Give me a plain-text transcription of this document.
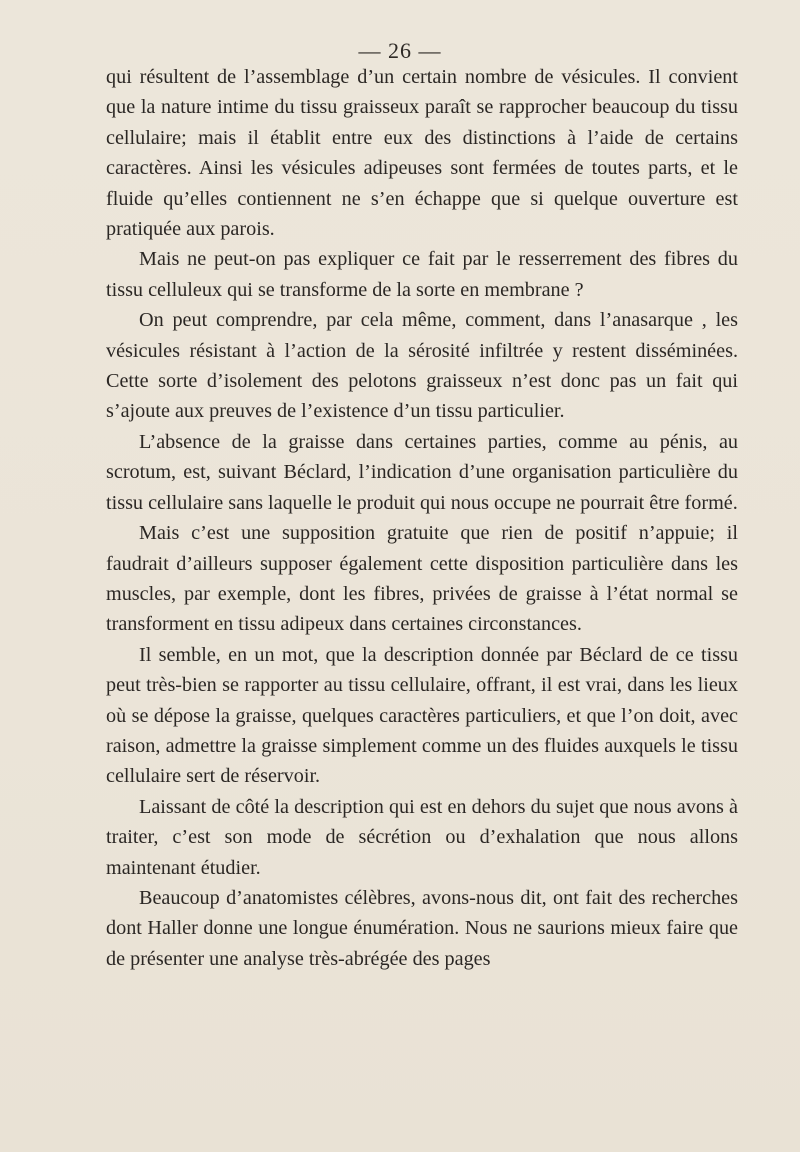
— 26 —

qui résultent de l’assemblage d’un certain nombre de vésicules. Il convient que la nature intime du tissu graisseux paraît se rapprocher beaucoup du tissu cellulaire; mais il établit entre eux des distinctions à l’aide de certains caractères. Ainsi les vésicules adipeuses sont fermées de toutes parts, et le fluide qu’elles contiennent ne s’en échappe que si quelque ouverture est pratiquée aux parois.

Mais ne peut-on pas expliquer ce fait par le resserrement des fibres du tissu celluleux qui se transforme de la sorte en membrane ?

On peut comprendre, par cela même, comment, dans l’anasarque , les vésicules résistant à l’action de la sérosité infiltrée y restent disséminées. Cette sorte d’isolement des pelotons graisseux n’est donc pas un fait qui s’ajoute aux preuves de l’existence d’un tissu particulier.

L’absence de la graisse dans certaines parties, comme au pénis, au scrotum, est, suivant Béclard, l’indication d’une organisation particulière du tissu cellulaire sans laquelle le produit qui nous occupe ne pourrait être formé.

Mais c’est une supposition gratuite que rien de positif n’appuie; il faudrait d’ailleurs supposer également cette disposition particulière dans les muscles, par exemple, dont les fibres, privées de graisse à l’état normal se transforment en tissu adipeux dans certaines circonstances.

Il semble, en un mot, que la description donnée par Béclard de ce tissu peut très-bien se rapporter au tissu cellulaire, offrant, il est vrai, dans les lieux où se dépose la graisse, quelques caractères particuliers, et que l’on doit, avec raison, admettre la graisse simplement comme un des fluides auxquels le tissu cellulaire sert de réservoir.

Laissant de côté la description qui est en dehors du sujet que nous avons à traiter, c’est son mode de sécrétion ou d’exhalation que nous allons maintenant étudier.

Beaucoup d’anatomistes célèbres, avons-nous dit, ont fait des recherches dont Haller donne une longue énumération. Nous ne saurions mieux faire que de présenter une analyse très-abrégée des pages
